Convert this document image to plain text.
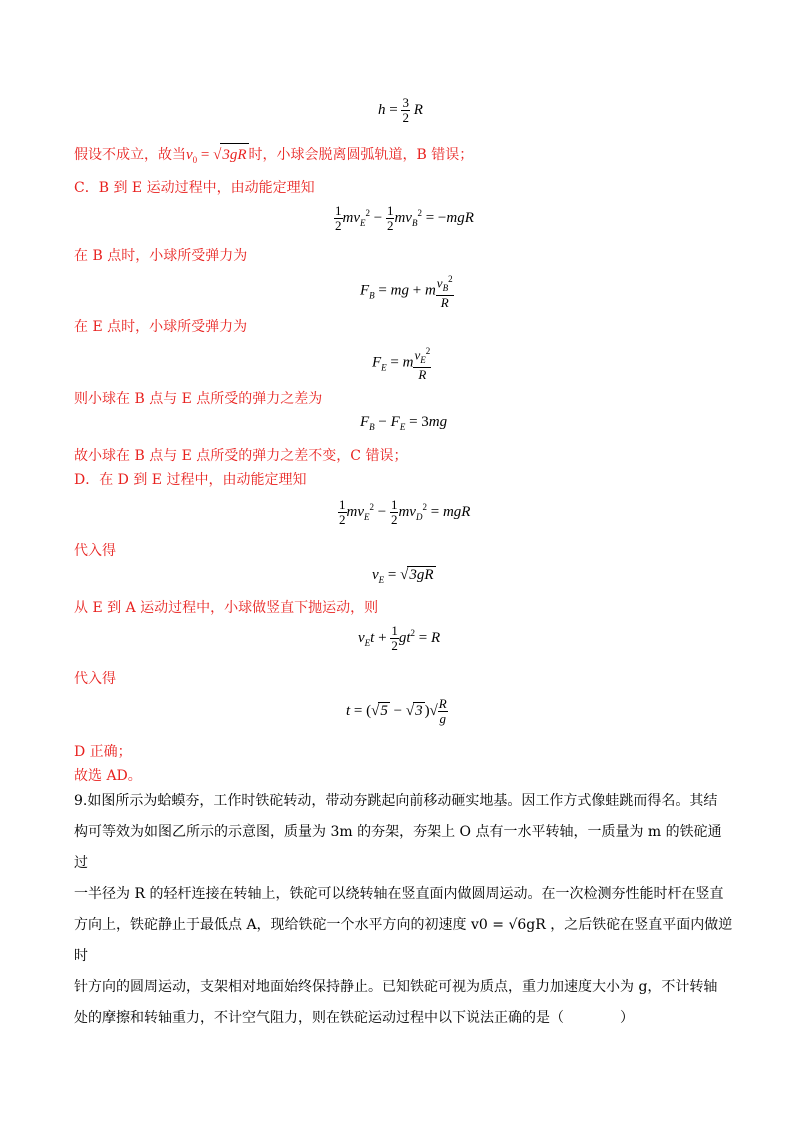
$h = \frac{3}{2}$ R
假设不成立，故当$v_0 = √3gR$ 时，小球会脱离圆弧轨道，B 错误；
C．B 到 E 运动过程中，由动能定理知
$\frac{1}{2} mv_E^2 - \frac{1}{2} mv_B^2 = -mgR$
在 B 点时，小球所受弹力为
$F_B$ = mg + m $\frac{v_B^2}{R}$
在 E 点时，小球所受弹力为
$F_E = m \frac{v_E^2}{R}$
则小球在 B 点与 E 点所受的弹力之差为
$F_B - F_E = 3mg$
故小球在 B 点与 E 点所受的弹力之差不变，C 错误；
D．在 D 到 E 过程中，由动能定理知
$\frac{1}{2} mv_E^2 - \frac{1}{2} mv_D^2$ = mgR
代入得
$v_E = √3gR$
从 E 到 A 运动过程中，小球做竖直下抛运动，则
$v_Et + \frac{1}{2} gt^2 = R$
代入得
t = (√5 − √3 )√ $\frac{R}{g}$
D 正确；
故选 AD。
9.如图所示为蛤蟆夯，工作时铁砣转动，带动夯跳起向前移动砸实地基。因工作方式像蛙跳而得名。其结
构可等效为如图乙所示的示意图，质量为 3m 的夯架，夯架上 O 点有一水平转轴，一质量为 m 的铁砣通过
一半径为 R 的轻杆连接在转轴上，铁砣可以绕转轴在竖直面内做圆周运动。在一次检测夯性能时杆在竖直
方向上，铁砣静止于最低点 A，现给铁砣一个水平方向的初速度 v0 = √6gR ，之后铁砣在竖直平面内做逆时
针方向的圆周运动，支架相对地面始终保持静止。已知铁砣可视为质点，重力加速度大小为 g，不计转轴
处的摩擦和转轴重力，不计空气阻力，则在铁砣运动过程中以下说法正确的是（　　　　）
